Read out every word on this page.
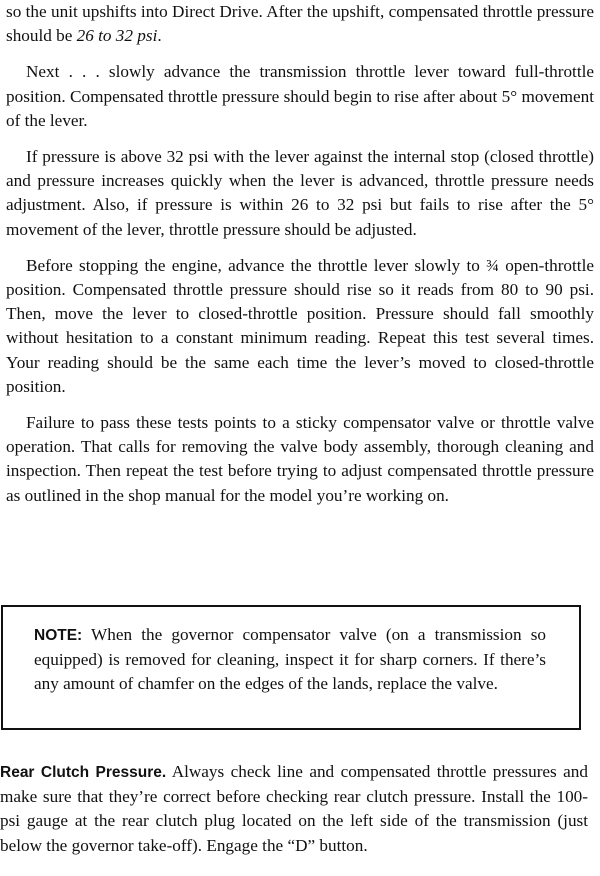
so the unit upshifts into Direct Drive. After the upshift, compensated throttle pressure should be 26 to 32 psi.

Next . . . slowly advance the transmission throttle lever toward full-throttle position. Compensated throttle pressure should begin to rise after about 5° movement of the lever.

If pressure is above 32 psi with the lever against the internal stop (closed throttle) and pressure increases quickly when the lever is advanced, throttle pressure needs adjustment. Also, if pressure is within 26 to 32 psi but fails to rise after the 5° movement of the lever, throttle pressure should be adjusted.

Before stopping the engine, advance the throttle lever slowly to ¾ open-throttle position. Compensated throttle pressure should rise so it reads from 80 to 90 psi. Then, move the lever to closed-throttle position. Pressure should fall smoothly without hesitation to a constant minimum reading. Repeat this test several times. Your reading should be the same each time the lever’s moved to closed-throttle position.

Failure to pass these tests points to a sticky compensator valve or throttle valve operation. That calls for removing the valve body assembly, thorough cleaning and inspection. Then repeat the test before trying to adjust compensated throttle pressure as outlined in the shop manual for the model you’re working on.

NOTE: When the governor compensator valve (on a transmission so equipped) is removed for cleaning, inspect it for sharp corners. If there’s any amount of chamfer on the edges of the lands, replace the valve.

Rear Clutch Pressure. Always check line and compensated throttle pressures and make sure that they’re correct before checking rear clutch pressure. Install the 100-psi gauge at the rear clutch plug located on the left side of the transmission (just below the governor take-off). Engage the “D” button.
